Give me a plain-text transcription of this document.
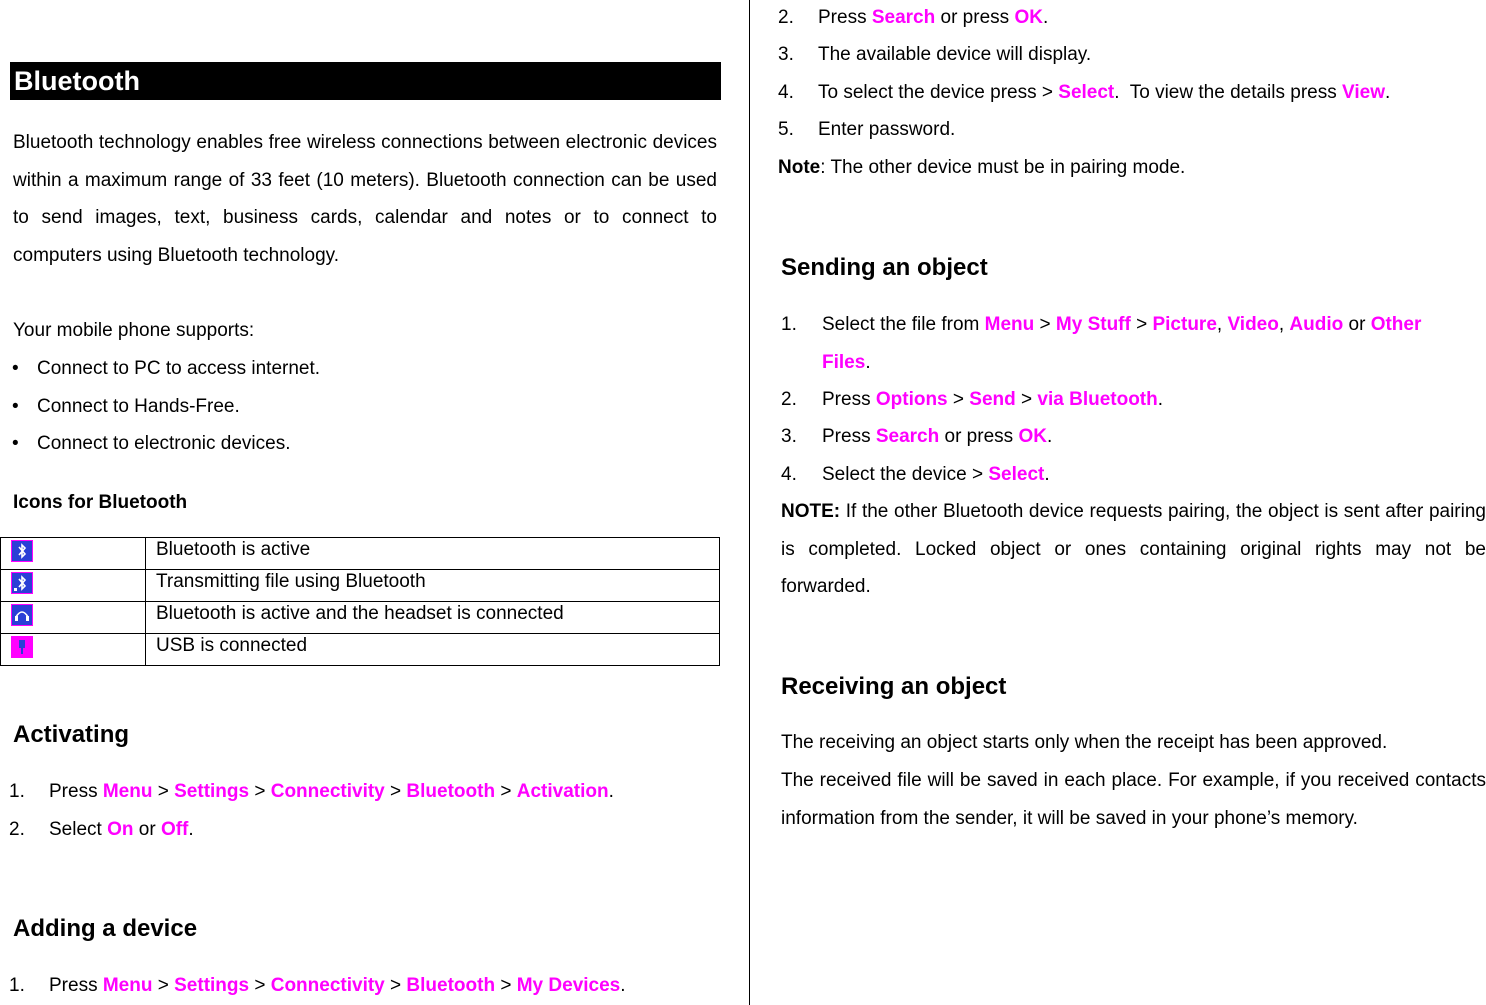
Bluetooth

Bluetooth technology enables free wireless connections between electronic devices within a maximum range of 33 feet (10 meters). Bluetooth connection can be used to send images, text, business cards, calendar and notes or to connect to computers using Bluetooth technology.

Your mobile phone supports:
• Connect to PC to access internet.
• Connect to Hands-Free.
• Connect to electronic devices.
Icons for Bluetooth
	Bluetooth is active

	Transmitting file using Bluetooth

	Bluetooth is active and the headset is connected

	USB is connected
Activating
1. Press Menu > Settings > Connectivity > Bluetooth > Activation.
2. Select On or Off.
Adding a device
1. Press Menu > Settings > Connectivity > Bluetooth > My Devices.
2. Press Search or press OK.
3. The available device will display.
4. To select the device press > Select.  To view the details press View.
5. Enter password.
Note: The other device must be in pairing mode.
Sending an object
1. Select the file from Menu > My Stuff > Picture, Video, Audio or Other
Files.
2. Press Options > Send > via Bluetooth.
3. Press Search or press OK.
4. Select the device > Select.

NOTE: If the other Bluetooth device requests pairing, the object is sent after pairing is completed. Locked object or ones containing original rights may not be forwarded.

Receiving an object
The receiving an object starts only when the receipt has been approved.

The received file will be saved in each place. For example, if you received contacts information from the sender, it will be saved in your phone’s memory.
